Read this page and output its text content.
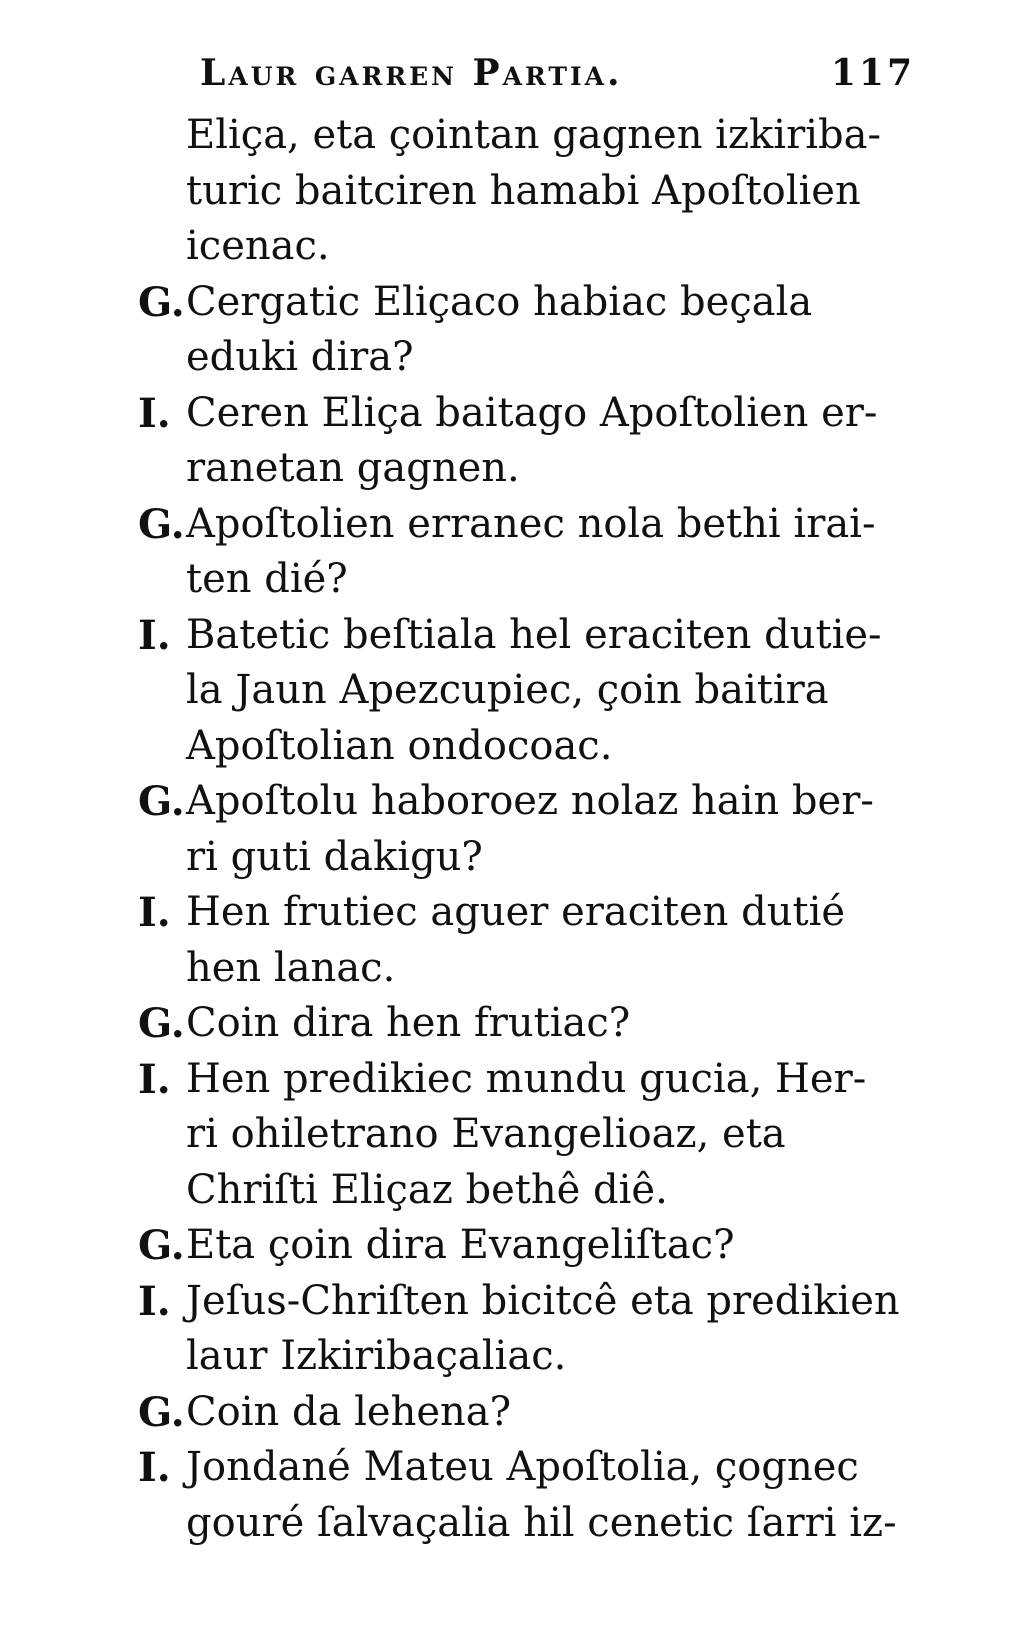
Laur garren Partia.	117
Eliça, eta çointan gagnen izkiriba-
turic baitciren hamabi Apoſtolien
icenac.
G. Cergatic Eliçaco habiac beçala
eduki dira?
I. Ceren Eliça baitago Apoſtolien er-
ranetan gagnen.
G. Apoſtolien erranec nola bethi irai-
ten dié?
I. Batetic beſtiala hel eraciten dutie-
la Jaun Apezcupiec, çoin baitira
Apoſtolian ondocoac.
G. Apoſtolu haboroez nolaz hain ber-
ri guti dakigu?
I. Hen frutiec aguer eraciten dutié
hen lanac.
G. Coin dira hen frutiac?
I. Hen predikiec mundu gucia, Her-
ri ohiletrano Evangelioaz, eta
Chriſti Eliçaz bethê diê.
G. Eta çoin dira Evangeliſtac?
I. Jeſus-Chriſten bicitcê eta predikien
laur Izkiribaçaliac.
G. Coin da lehena?
I. Jondané Mateu Apoſtolia, çognec
gouré ſalvaçalia hil cenetic ſarri iz-
